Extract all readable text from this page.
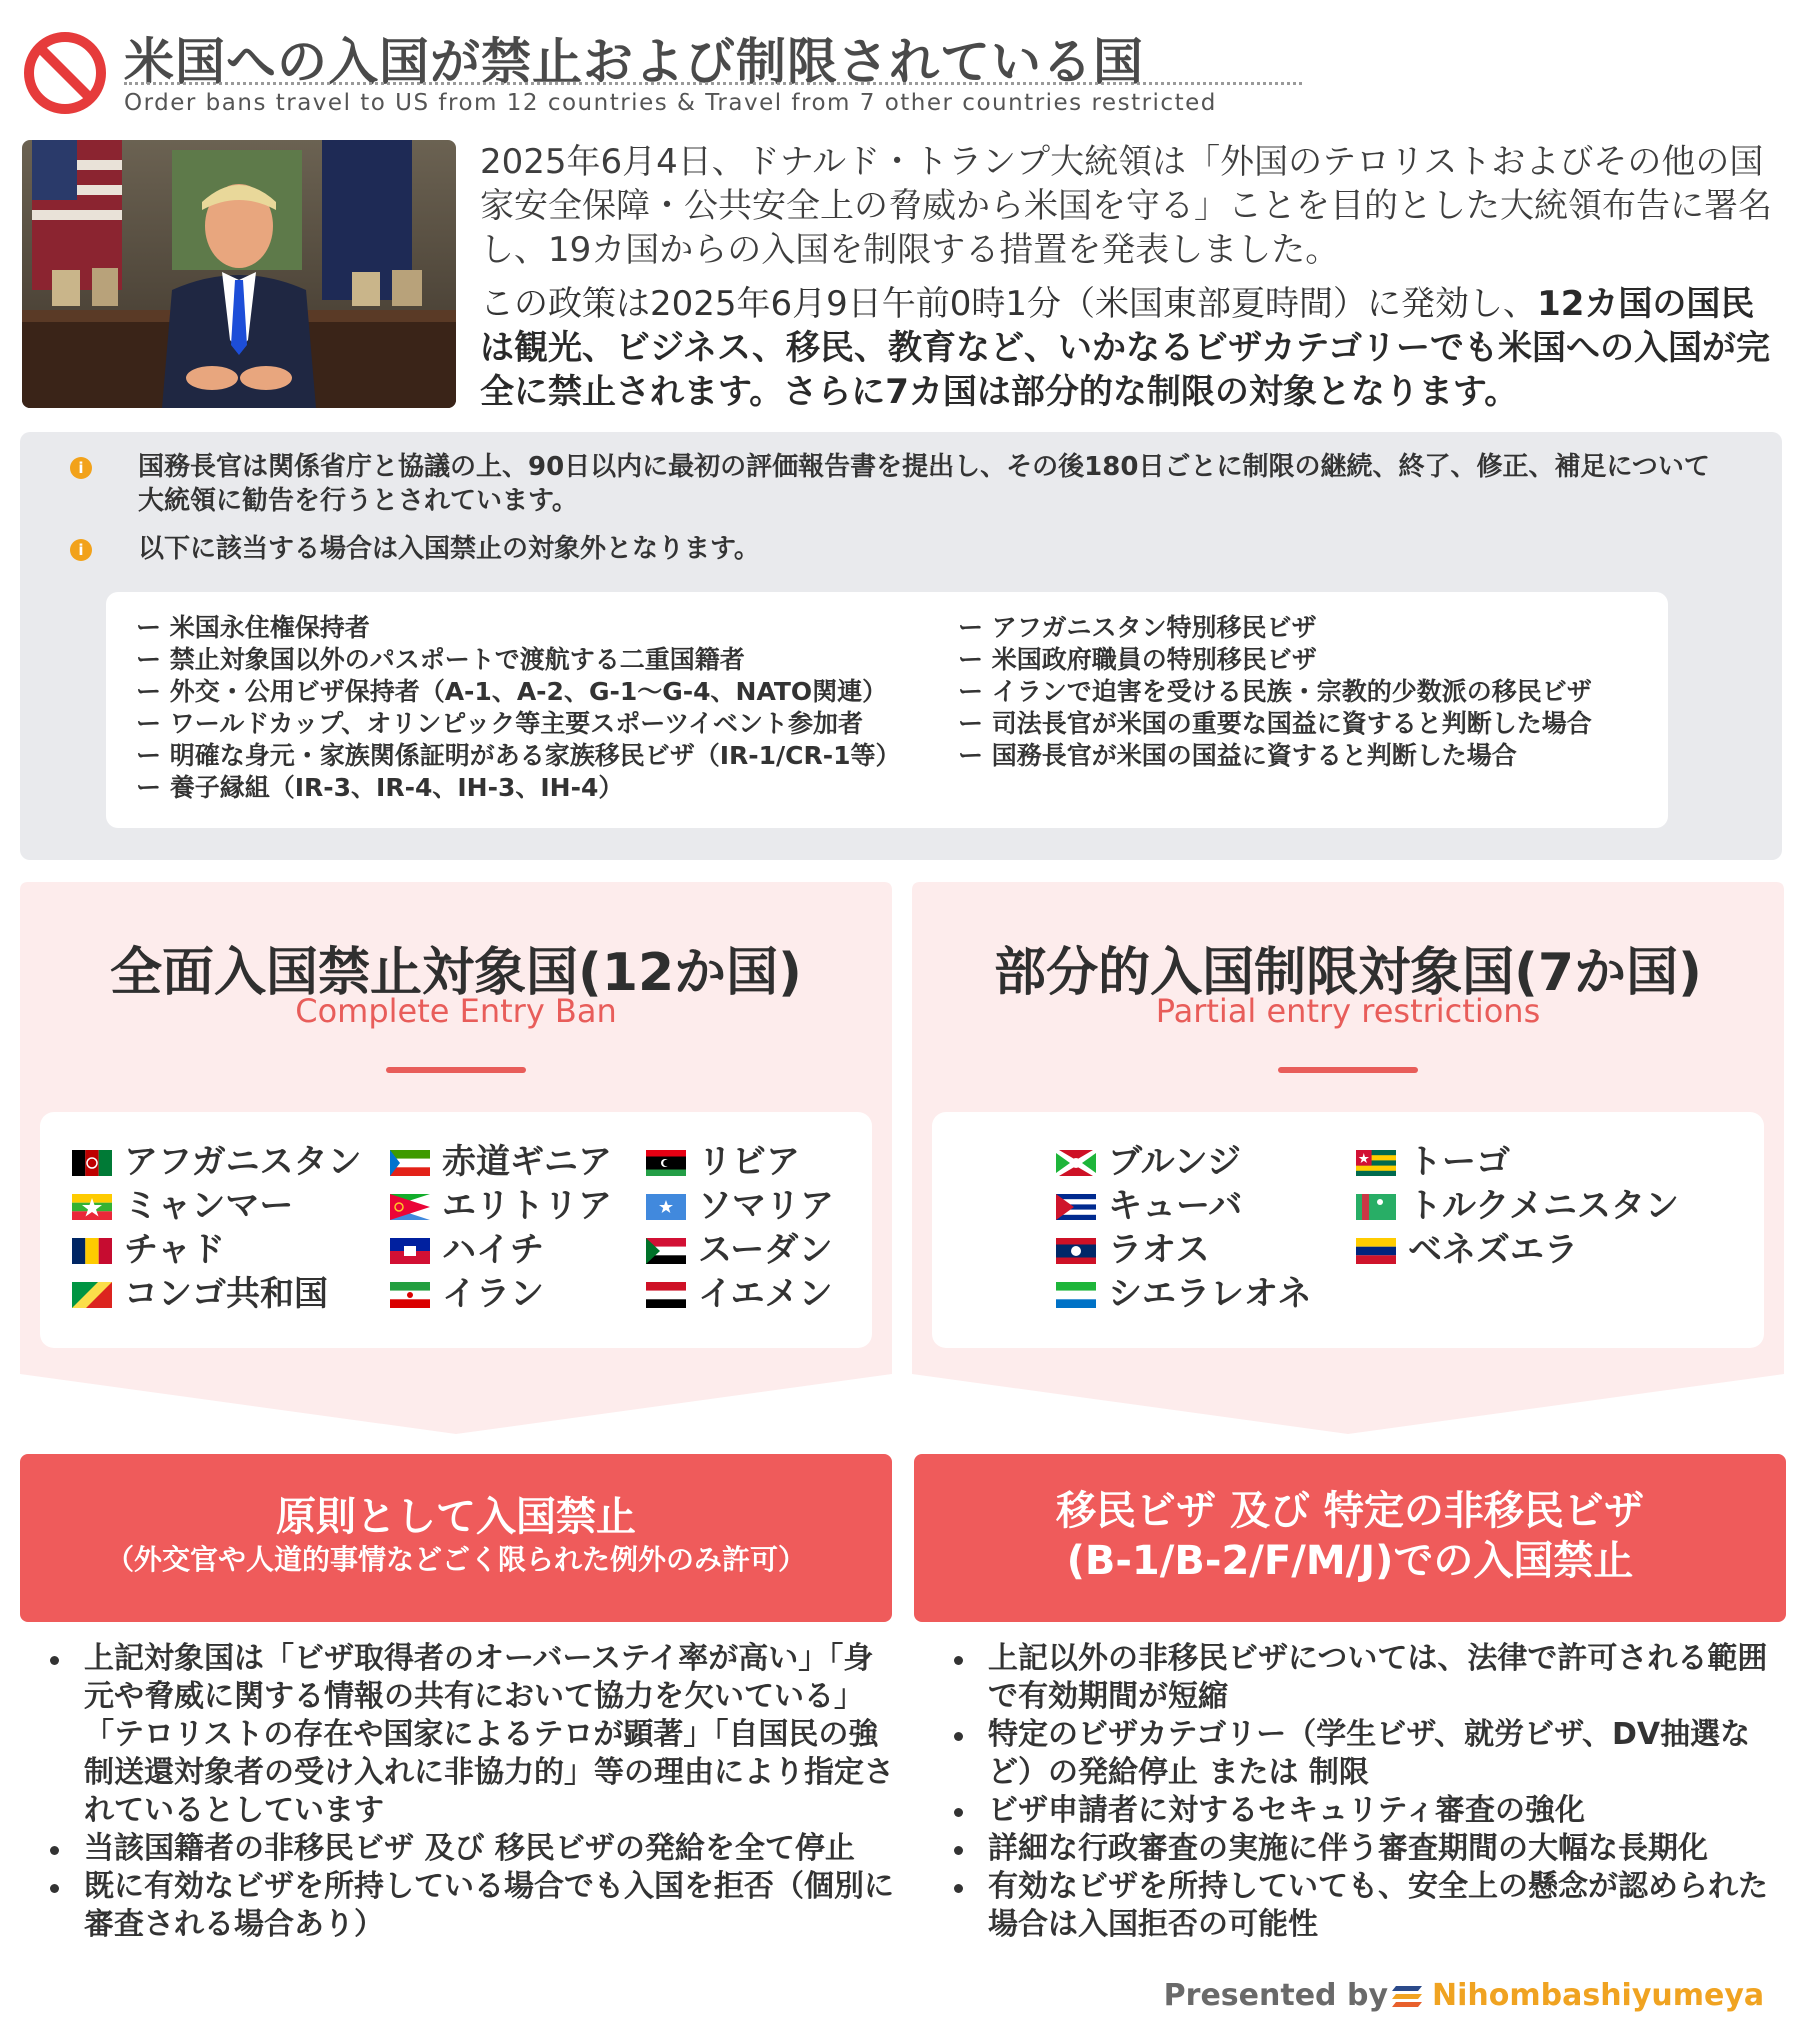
米国への入国が禁止および制限されている国
Order bans travel to US from 12 countries & Travel from 7 other countries restricted

2025年6月4日、ドナルド・トランプ大統領は「外国のテロリストおよびその他の国家安全保障・公共安全上の脅威から米国を守る」ことを目的とした大統領布告に署名し、19カ国からの入国を制限する措置を発表しました。

この政策は2025年6月9日午前0時1分（米国東部夏時間）に発効し、12カ国の国民は観光、ビジネス、移民、教育など、いかなるビザカテゴリーでも米国への入国が完全に禁止されます。さらに7カ国は部分的な制限の対象となります。

i	国務長官は関係省庁と協議の上、90日以内に最初の評価報告書を提出し、その後180日ごとに制限の継続、終了、修正、補足について大統領に勧告を行うとされています。
i	以下に該当する場合は入国禁止の対象外となります。
ー 米国永住権保持者
ー 禁止対象国以外のパスポートで渡航する二重国籍者
ー 外交・公用ビザ保持者（A-1、A-2、G-1〜G-4、NATO関連）
ー ワールドカップ、オリンピック等主要スポーツイベント参加者
ー 明確な身元・家族関係証明がある家族移民ビザ（IR-1/CR-1等）
ー 養子縁組（IR-3、IR-4、IH-3、IH-4）
ー アフガニスタン特別移民ビザ
ー 米国政府職員の特別移民ビザ
ー イランで迫害を受ける民族・宗教的少数派の移民ビザ
ー 司法長官が米国の重要な国益に資すると判断した場合
ー 国務長官が米国の国益に資すると判断した場合
全面入国禁止対象国(12か国)
Complete Entry Ban
アフガニスタン
ミャンマー
チャド
コンゴ共和国
赤道ギニア
エリトリア
ハイチ
イラン
リビア
ソマリア
スーダン
イエメン
部分的入国制限対象国(7か国)
Partial entry restrictions
ブルンジ
キューバ
ラオス
シエラレオネ
トーゴ
トルクメニスタン
ベネズエラ
原則として入国禁止
（外交官や人道的事情などごく限られた例外のみ許可）
移民ビザ 及び 特定の非移民ビザ
(B-1/B-2/F/M/J)での入国禁止
上記対象国は「ビザ取得者のオーバーステイ率が高い」「身元や脅威に関する情報の共有において協力を欠いている」「テロリストの存在や国家によるテロが顕著」「自国民の強制送還対象者の受け入れに非協力的」等の理由により指定されているとしています
当該国籍者の非移民ビザ 及び 移民ビザの発給を全て停止
既に有効なビザを所持している場合でも入国を拒否（個別に審査される場合あり）
上記以外の非移民ビザについては、法律で許可される範囲で有効期間が短縮
特定のビザカテゴリー（学生ビザ、就労ビザ、DV抽選など）の発給停止 または 制限
ビザ申請者に対するセキュリティ審査の強化
詳細な行政審査の実施に伴う審査期間の大幅な長期化
有効なビザを所持していても、安全上の懸念が認められた場合は入国拒否の可能性
Presented by Nihombashiyumeya
